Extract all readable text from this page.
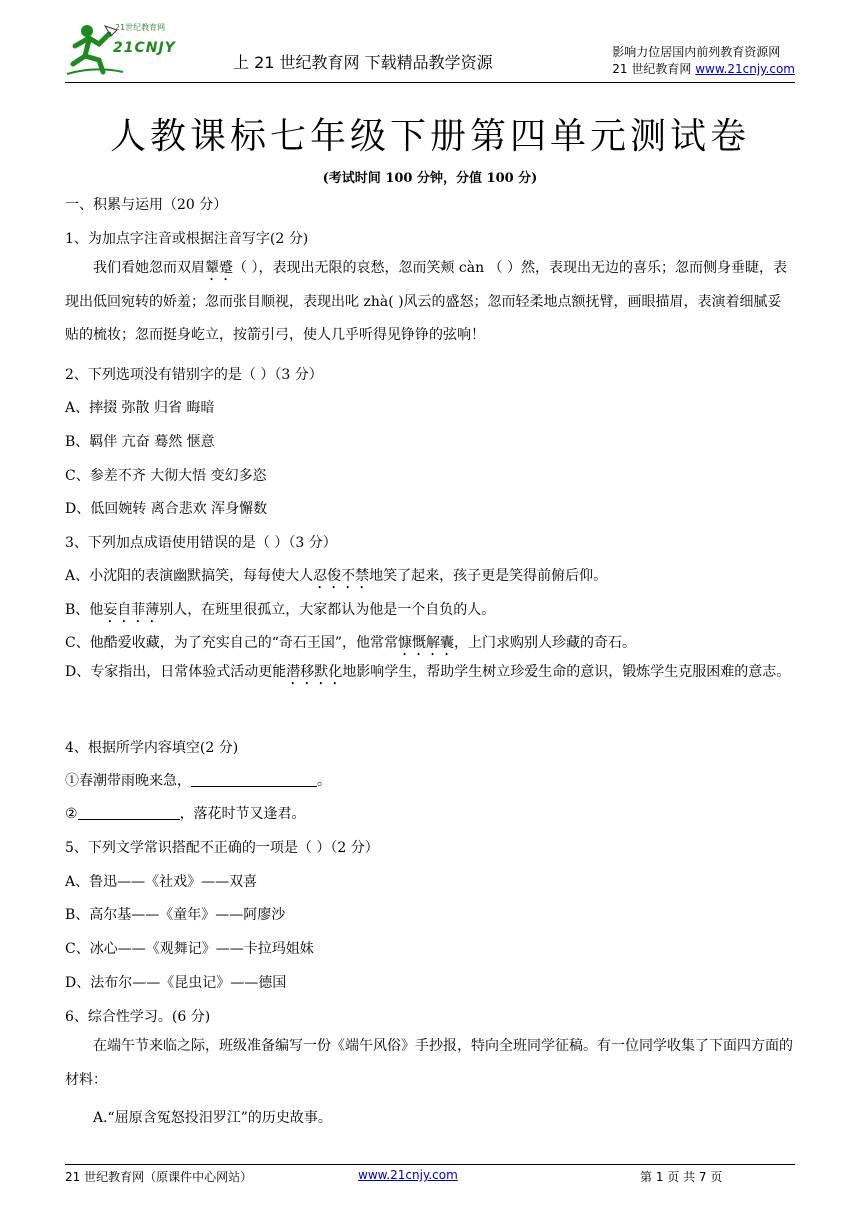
21世纪教育网
21CNJY
上 21 世纪教育网 下载精品教学资源
影响力位居国内前列教育资源网
21 世纪教育网 www.21cnjy.com
人教课标七年级下册第四单元测试卷
(考试时间 100 分钟，分值 100 分)
一、积累与运用（20 分）
1、为加点字注音或根据注音写字(2 分)
我们看她忽而双眉颦蹙（ ），表现出无限的哀愁，忽而笑颊 càn （ ）然，表现出无边的喜乐；忽而侧身垂睫，表现出低回宛转的娇羞；忽而张目顺视，表现出叱 zhà( )风云的盛怒；忽而轻柔地点额抚臂，画眼描眉，表演着细腻妥贴的梳妆；忽而挺身屹立，按箭引弓，使人几乎听得见铮铮的弦响！
2、下列选项没有错别字的是（ ）（3 分）
A、摔掇 弥散 归省 晦暗
B、羁伴 亢奋 蓦然 惬意
C、参差不齐 大彻大悟 变幻多恣
D、低回婉转 离合悲欢 浑身懈数
3、下列加点成语使用错误的是（ ）（3 分）
A、小沈阳的表演幽默搞笑，每每使大人忍俊不禁地笑了起来，孩子更是笑得前俯后仰。
B、他妄自菲薄别人，在班里很孤立，大家都认为他是一个自负的人。
C、他酷爱收藏，为了充实自己的“奇石王国”，他常常慷慨解囊，上门求购别人珍藏的奇石。
D、专家指出，日常体验式活动更能潜移默化地影响学生，帮助学生树立珍爱生命的意识，锻炼学生克服困难的意志。
4、根据所学内容填空(2 分)
①春潮带雨晚来急，	。
②	，落花时节又逢君。
5、下列文学常识搭配不正确的一项是（ ）（2 分）
A、鲁迅——《社戏》——双喜
B、高尔基——《童年》——阿廖沙
C、冰心——《观舞记》——卡拉玛姐妹
D、法布尔——《昆虫记》——德国
6、综合性学习。(6 分)
在端午节来临之际，班级准备编写一份《端午风俗》手抄报，特向全班同学征稿。有一位同学收集了下面四方面的材料：
A.“屈原含冤怒投汨罗江”的历史故事。
21 世纪教育网（原课件中心网站）	www.21cnjy.com	第 1 页 共 7 页
